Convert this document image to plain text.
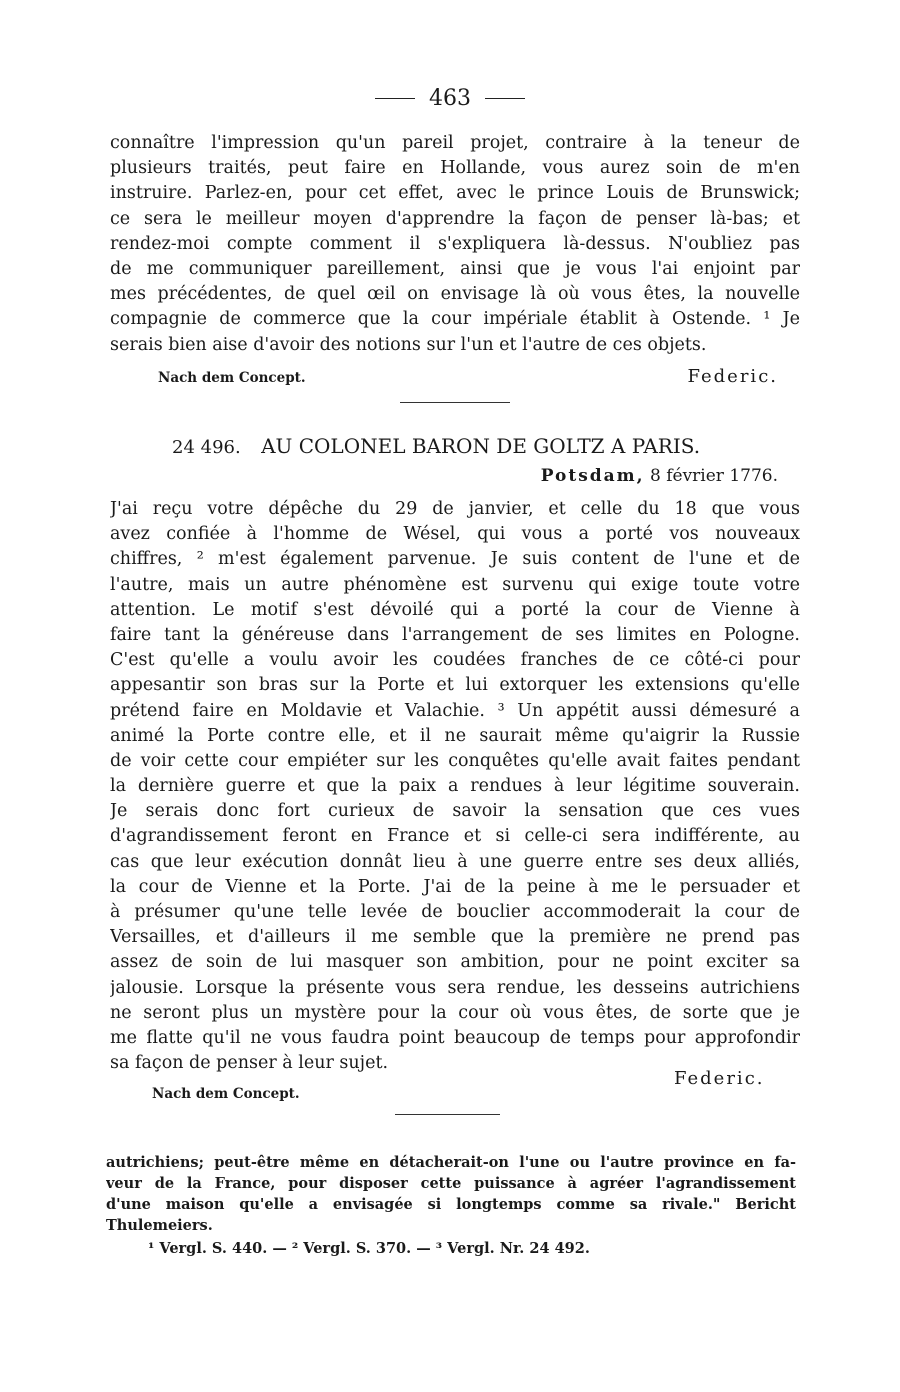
463
connaître l'impression qu'un pareil projet, contraire à la teneur de
plusieurs traités, peut faire en Hollande, vous aurez soin de m'en
instruire. Parlez-en, pour cet effet, avec le prince Louis de Brunswick;
ce sera le meilleur moyen d'apprendre la façon de penser là-bas; et
rendez-moi compte comment il s'expliquera là-dessus. N'oubliez pas
de me communiquer pareillement, ainsi que je vous l'ai enjoint par
mes précédentes, de quel œil on envisage là où vous êtes, la nouvelle
compagnie de commerce que la cour impériale établit à Ostende. ¹ Je
serais bien aise d'avoir des notions sur l'un et l'autre de ces objets.
Nach dem Concept.	Federic.
24 496. AU COLONEL BARON DE GOLTZ A PARIS.
Potsdam, 8 février 1776.
J'ai reçu votre dépêche du 29 de janvier, et celle du 18 que vous
avez confiée à l'homme de Wésel, qui vous a porté vos nouveaux
chiffres, ² m'est également parvenue. Je suis content de l'une et de
l'autre, mais un autre phénomène est survenu qui exige toute votre
attention. Le motif s'est dévoilé qui a porté la cour de Vienne à
faire tant la généreuse dans l'arrangement de ses limites en Pologne.
C'est qu'elle a voulu avoir les coudées franches de ce côté-ci pour
appesantir son bras sur la Porte et lui extorquer les extensions qu'elle
prétend faire en Moldavie et Valachie. ³ Un appétit aussi démesuré a
animé la Porte contre elle, et il ne saurait même qu'aigrir la Russie
de voir cette cour empiéter sur les conquêtes qu'elle avait faites pendant
la dernière guerre et que la paix a rendues à leur légitime souverain.
Je serais donc fort curieux de savoir la sensation que ces vues
d'agrandissement feront en France et si celle-ci sera indifférente, au
cas que leur exécution donnât lieu à une guerre entre ses deux alliés,
la cour de Vienne et la Porte. J'ai de la peine à me le persuader et
à présumer qu'une telle levée de bouclier accommoderait la cour de
Versailles, et d'ailleurs il me semble que la première ne prend pas
assez de soin de lui masquer son ambition, pour ne point exciter sa
jalousie. Lorsque la présente vous sera rendue, les desseins autrichiens
ne seront plus un mystère pour la cour où vous êtes, de sorte que je
me flatte qu'il ne vous faudra point beaucoup de temps pour approfondir
sa façon de penser à leur sujet.
Federic.
Nach dem Concept.
autrichiens; peut-être même en détacherait-on l'une ou l'autre province en fa-
veur de la France, pour disposer cette puissance à agréer l'agrandissement
d'une maison qu'elle a envisagée si longtemps comme sa rivale." Bericht
Thulemeiers.
¹ Vergl. S. 440. — ² Vergl. S. 370. — ³ Vergl. Nr. 24 492.
